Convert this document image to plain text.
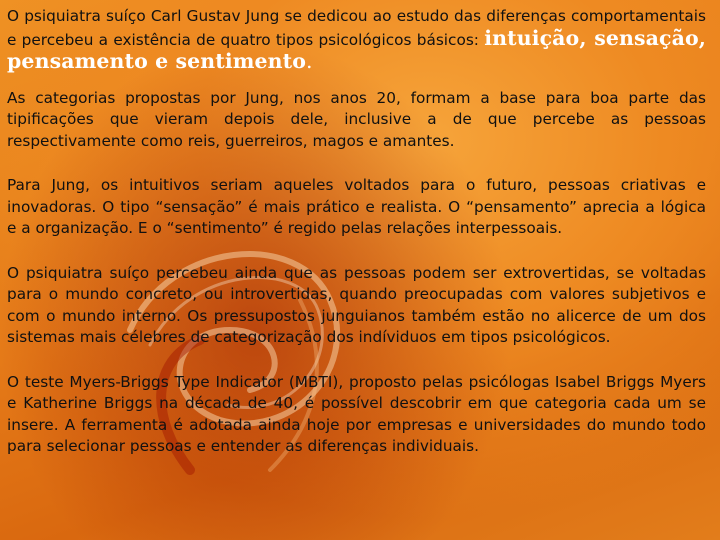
O psiquiatra suíço Carl Gustav Jung se dedicou ao estudo das diferenças comportamentais e percebeu a existência de quatro tipos psicológicos básicos: intuição, sensação, pensamento e sentimento.

As categorias propostas por Jung, nos anos 20, formam a base para boa parte das tipificações que vieram depois dele, inclusive a de que percebe as pessoas respectivamente como reis, guerreiros, magos e amantes.

Para Jung, os intuitivos seriam aqueles voltados para o futuro, pessoas criativas e inovadoras. O tipo “sensação” é mais prático e realista. O “pensamento” aprecia a lógica e a organização. E o “sentimento” é regido pelas relações interpessoais.

O psiquiatra suíço percebeu ainda que as pessoas podem ser extrovertidas, se voltadas para o mundo concreto, ou introvertidas, quando preocupadas com valores subjetivos e com o mundo interno. Os pressupostos junguianos também estão no alicerce de um dos sistemas mais célebres de categorização dos indíviduos em tipos psicológicos.

O teste Myers-Briggs Type Indicator (MBTI), proposto pelas psicólogas Isabel Briggs Myers e Katherine Briggs na década de 40, é possível descobrir em que categoria cada um se insere. A ferramenta é adotada ainda hoje por empresas e universidades do mundo todo para selecionar pessoas e entender as diferenças individuais.
